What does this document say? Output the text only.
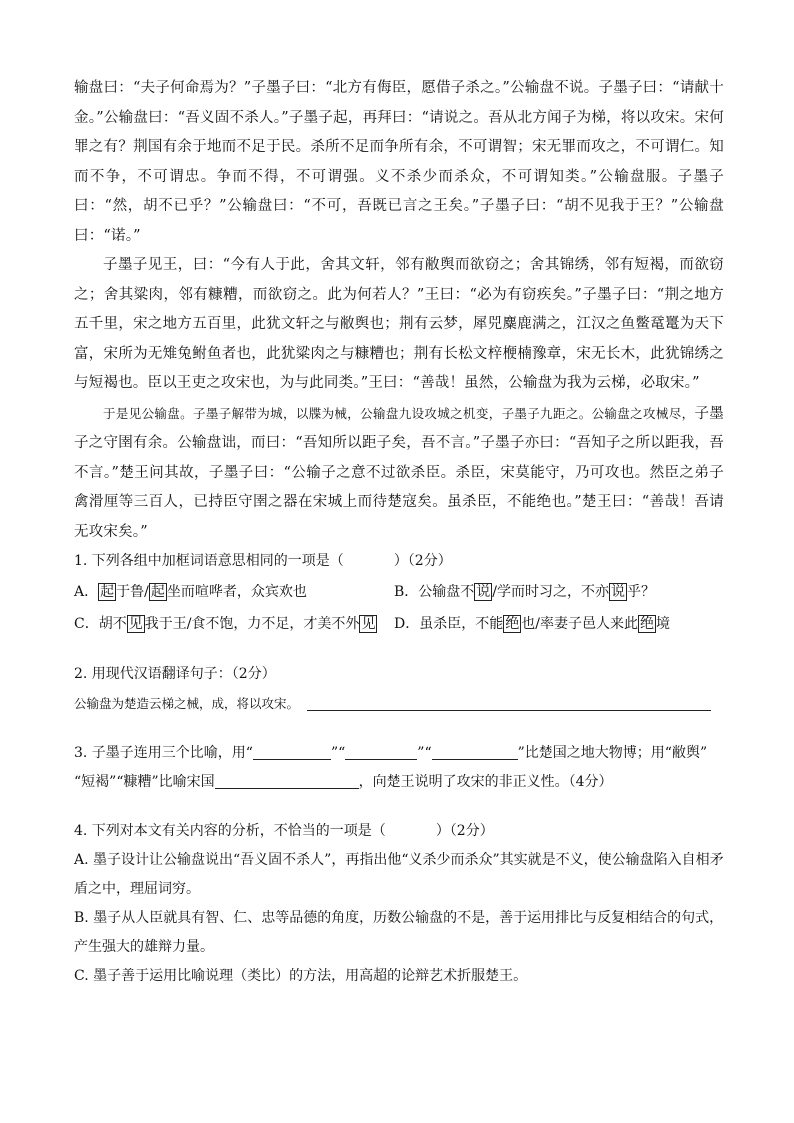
输盘曰：“夫子何命焉为？”子墨子曰：“北方有侮臣，愿借子杀之。”公输盘不说。子墨子曰：“请献十金。”公输盘曰：“吾义固不杀人。”子墨子起，再拜曰：“请说之。吾从北方闻子为梯，将以攻宋。宋何罪之有？荆国有余于地而不足于民。杀所不足而争所有余，不可谓智；宋无罪而攻之，不可谓仁。知而不争，不可谓忠。争而不得，不可谓强。义不杀少而杀众，不可谓知类。”公输盘服。子墨子曰：“然，胡不已乎？”公输盘曰：“不可，吾既已言之王矣。”子墨子曰：“胡不见我于王？”公输盘曰：“诺。”

子墨子见王，曰：“今有人于此，舍其文轩，邻有敝舆而欲窃之；舍其锦绣，邻有短褐，而欲窃之；舍其粱肉，邻有糠糟，而欲窃之。此为何若人？”王曰：“必为有窃疾矣。”子墨子曰：“荆之地方五千里，宋之地方五百里，此犹文轩之与敝舆也；荆有云梦，犀兕麋鹿满之，江汉之鱼鳖鼋鼍为天下富，宋所为无雉兔鲋鱼者也，此犹粱肉之与糠糟也；荆有长松文梓楩楠豫章，宋无长木，此犹锦绣之与短褐也。臣以王吏之攻宋也，为与此同类。”王曰：“善哉！虽然，公输盘为我为云梯，必取宋。”

于是见公输盘。子墨子解带为城，以牒为械，公输盘九设攻城之机变，子墨子九距之。公输盘之攻械尽，子墨子之守圉有余。公输盘诎，而曰：“吾知所以距子矣，吾不言。”子墨子亦曰：“吾知子之所以距我，吾不言。”楚王问其故，子墨子曰：“公输子之意不过欲杀臣。杀臣，宋莫能守，乃可攻也。然臣之弟子禽滑厘等三百人，已持臣守圉之器在宋城上而待楚寇矣。虽杀臣，不能绝也。”楚王曰：“善哉！吾请无攻宋矣。”

1. 下列各组中加框词语意思相同的一项是（	）（2分）

A． 起 于鲁/ 起 坐而喧哗者，众宾欢也	B．公输盘不 说 /学而时习之，不亦 说 乎？
C．胡不 见 我于王/食不饱，力不足，才美不外 见	D．虽杀臣，不能 绝 也/率妻子邑人来此 绝 境

2. 用现代汉语翻译句子：（2分）

公输盘为楚造云梯之械，成，将以攻宋。

3. 子墨子连用三个比喻，用“	”“	”“	”比楚国之地大物博；用“敝舆”
“短褐”“糠糟”比喻宋国	，向楚王说明了攻宋的非正义性。（4分）

4. 下列对本文有关内容的分析，不恰当的一项是（	）（2分）

A. 墨子设计让公输盘说出“吾义固不杀人”，再指出他“义杀少而杀众”其实就是不义，使公输盘陷入自相矛盾之中，理屈词穷。

B. 墨子从人臣就具有智、仁、忠等品德的角度，历数公输盘的不是，善于运用排比与反复相结合的句式，　产生强大的雄辩力量。

C. 墨子善于运用比喻说理（类比）的方法，用高超的论辩艺术折服楚王。
